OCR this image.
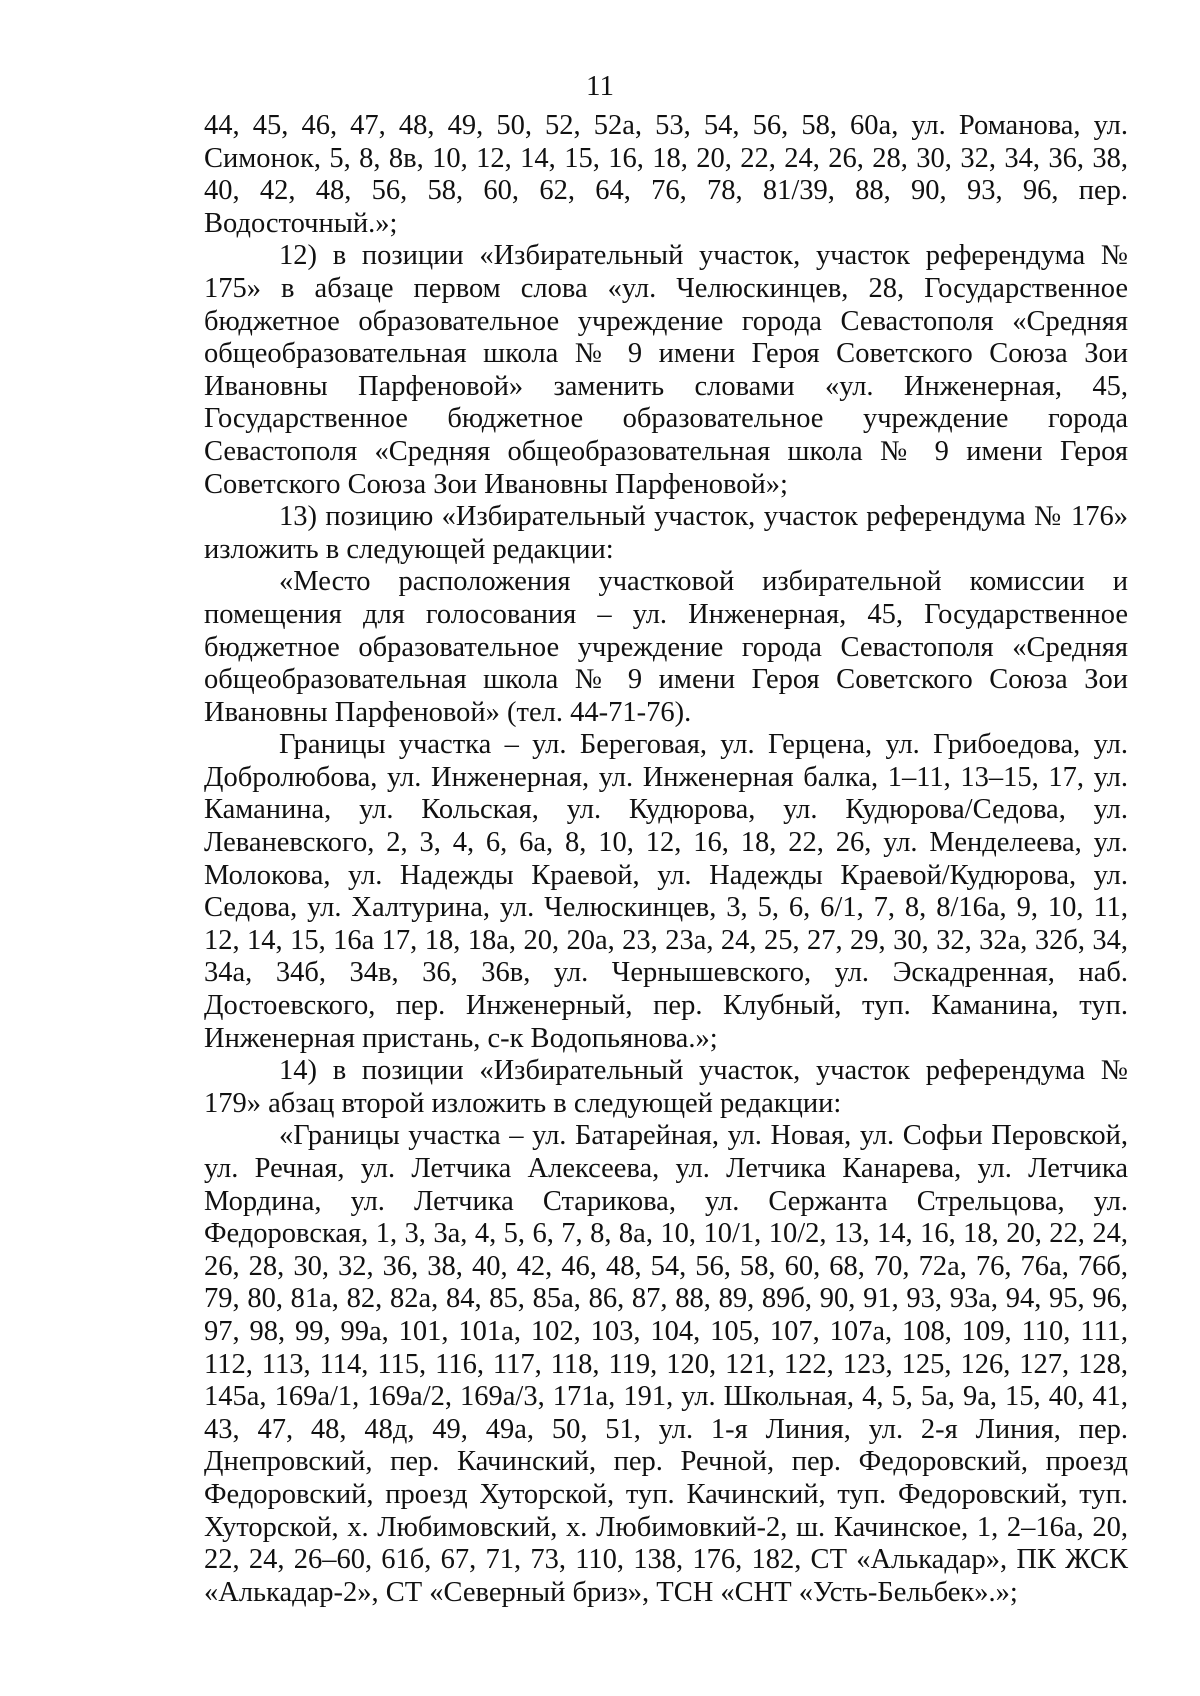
11

44, 45, 46, 47, 48, 49, 50, 52, 52а, 53, 54, 56, 58, 60а, ул. Романова, ул. Симонок, 5, 8, 8в, 10, 12, 14, 15, 16, 18, 20, 22, 24, 26, 28, 30, 32, 34, 36, 38, 40, 42, 48, 56, 58, 60, 62, 64, 76, 78, 81/39, 88, 90, 93, 96, пер. Водосточный.»;

12) в позиции «Избирательный участок, участок референдума № 175» в абзаце первом слова «ул. Челюскинцев, 28, Государственное бюджетное образовательное учреждение города Севастополя «Средняя общеобразовательная школа № 9 имени Героя Советского Союза Зои Ивановны Парфеновой» заменить словами «ул. Инженерная, 45, Государственное бюджетное образовательное учреждение города Севастополя «Средняя общеобразовательная школа № 9 имени Героя Советского Союза Зои Ивановны Парфеновой»;

13) позицию «Избирательный участок, участок референдума № 176» изложить в следующей редакции:

«Место расположения участковой избирательной комиссии и помещения для голосования – ул. Инженерная, 45, Государственное бюджетное образовательное учреждение города Севастополя «Средняя общеобразовательная школа № 9 имени Героя Советского Союза Зои Ивановны Парфеновой» (тел. 44-71-76).

Границы участка – ул. Береговая, ул. Герцена, ул. Грибоедова, ул. Добролюбова, ул. Инженерная, ул. Инженерная балка, 1–11, 13–15, 17, ул. Каманина, ул. Кольская, ул. Кудюрова, ул. Кудюрова/Седова, ул. Леваневского, 2, 3, 4, 6, 6а, 8, 10, 12, 16, 18, 22, 26, ул. Менделеева, ул. Молокова, ул. Надежды Краевой, ул. Надежды Краевой/Кудюрова, ул. Седова, ул. Халтурина, ул. Челюскинцев, 3, 5, 6, 6/1, 7, 8, 8/16а, 9, 10, 11, 12, 14, 15, 16а 17, 18, 18а, 20, 20а, 23, 23а, 24, 25, 27, 29, 30, 32, 32а, 32б, 34, 34а, 34б, 34в, 36, 36в, ул. Чернышевского, ул. Эскадренная, наб. Достоевского, пер. Инженерный, пер. Клубный, туп. Каманина, туп. Инженерная пристань, с-к Водопьянова.»;

14) в позиции «Избирательный участок, участок референдума № 179» абзац второй изложить в следующей редакции:

«Границы участка – ул. Батарейная, ул. Новая, ул. Софьи Перовской, ул. Речная, ул. Летчика Алексеева, ул. Летчика Канарева, ул. Летчика Мордина, ул. Летчика Старикова, ул. Сержанта Стрельцова, ул. Федоровская, 1, 3, 3а, 4, 5, 6, 7, 8, 8а, 10, 10/1, 10/2, 13, 14, 16, 18, 20, 22, 24, 26, 28, 30, 32, 36, 38, 40, 42, 46, 48, 54, 56, 58, 60, 68, 70, 72а, 76, 76а, 76б, 79, 80, 81а, 82, 82а, 84, 85, 85а, 86, 87, 88, 89, 89б, 90, 91, 93, 93а, 94, 95, 96, 97, 98, 99, 99а, 101, 101а, 102, 103, 104, 105, 107, 107а, 108, 109, 110, 111, 112, 113, 114, 115, 116, 117, 118, 119, 120, 121, 122, 123, 125, 126, 127, 128, 145а, 169а/1, 169а/2, 169а/3, 171а, 191, ул. Школьная, 4, 5, 5а, 9а, 15, 40, 41, 43, 47, 48, 48д, 49, 49а, 50, 51, ул. 1-я Линия, ул. 2-я Линия, пер. Днепровский, пер. Качинский, пер. Речной, пер. Федоровский, проезд Федоровский, проезд Хуторской, туп. Качинский, туп. Федоровский, туп. Хуторской, х. Любимовский, х. Любимовкий-2, ш. Качинское, 1, 2–16а, 20, 22, 24, 26–60, 61б, 67, 71, 73, 110, 138, 176, 182, СТ «Алькадар», ПК ЖСК «Алькадар-2», СТ «Северный бриз», ТСН «СНТ «Усть-Бельбек».»;
